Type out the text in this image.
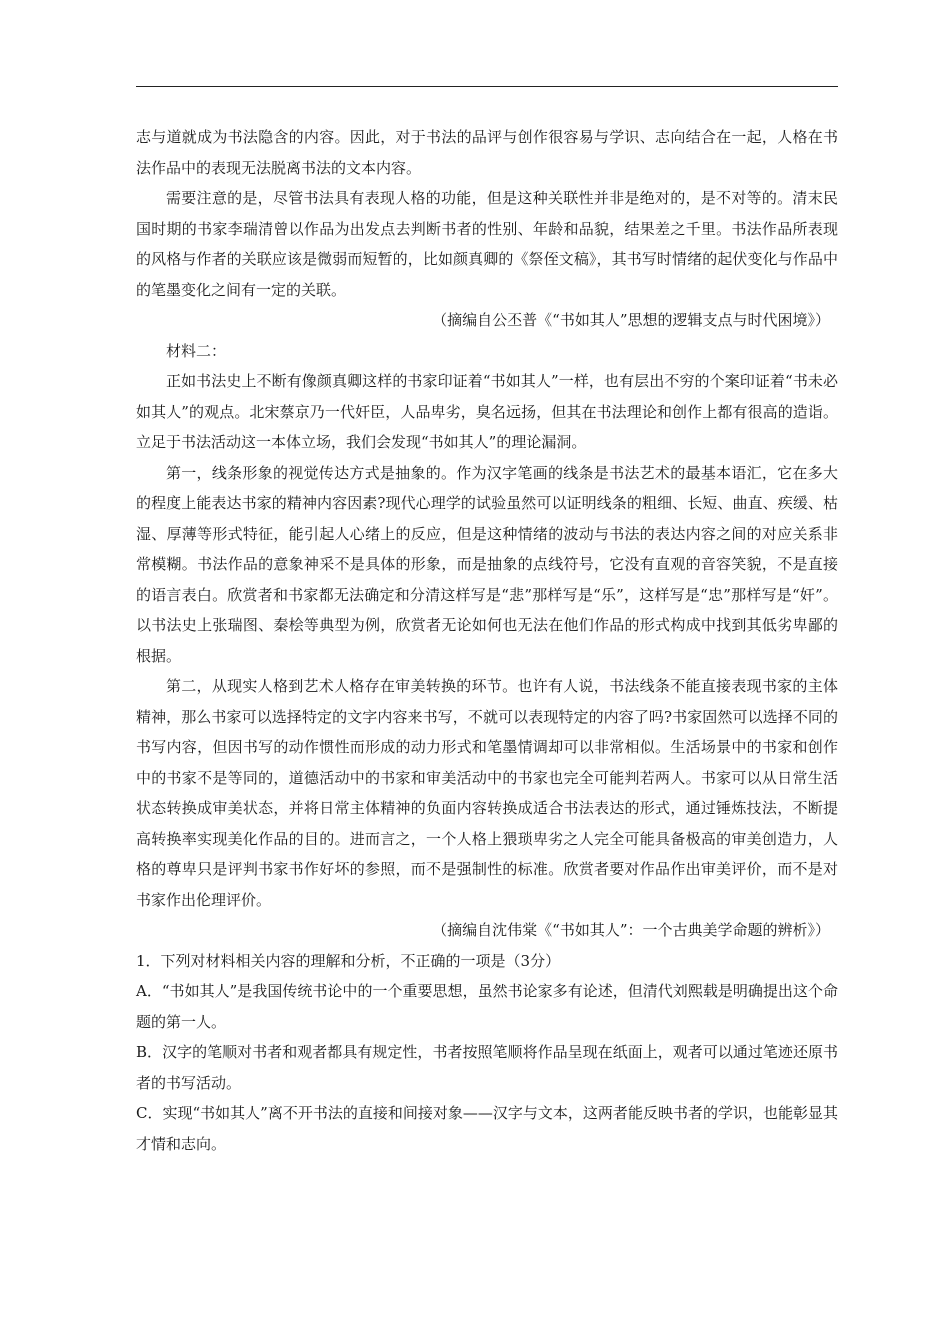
志与道就成为书法隐含的内容。因此，对于书法的品评与创作很容易与学识、志向结合在一起，人格在书法作品中的表现无法脱离书法的文本内容。

需要注意的是，尽管书法具有表现人格的功能，但是这种关联性并非是绝对的，是不对等的。清末民国时期的书家李瑞清曾以作品为出发点去判断书者的性别、年龄和品貌，结果差之千里。书法作品所表现的风格与作者的关联应该是微弱而短暂的，比如颜真卿的《祭侄文稿》，其书写时情绪的起伏变化与作品中的笔墨变化之间有一定的关联。

（摘编自公丕普《“书如其人”思想的逻辑支点与时代困境》）

材料二：

正如书法史上不断有像颜真卿这样的书家印证着“书如其人”一样，也有层出不穷的个案印证着“书未必如其人”的观点。北宋蔡京乃一代奸臣，人品卑劣，臭名远扬，但其在书法理论和创作上都有很高的造诣。立足于书法活动这一本体立场，我们会发现“书如其人”的理论漏洞。

第一，线条形象的视觉传达方式是抽象的。作为汉字笔画的线条是书法艺术的最基本语汇，它在多大的程度上能表达书家的精神内容因素?现代心理学的试验虽然可以证明线条的粗细、长短、曲直、疾缓、枯湿、厚薄等形式特征，能引起人心绪上的反应，但是这种情绪的波动与书法的表达内容之间的对应关系非常模糊。书法作品的意象神采不是具体的形象，而是抽象的点线符号，它没有直观的音容笑貌，不是直接的语言表白。欣赏者和书家都无法确定和分清这样写是“悲”那样写是“乐”，这样写是“忠”那样写是“奸”。以书法史上张瑞图、秦桧等典型为例，欣赏者无论如何也无法在他们作品的形式构成中找到其低劣卑鄙的根据。

第二，从现实人格到艺术人格存在审美转换的环节。也许有人说，书法线条不能直接表现书家的主体精神，那么书家可以选择特定的文字内容来书写，不就可以表现特定的内容了吗?书家固然可以选择不同的书写内容，但因书写的动作惯性而形成的动力形式和笔墨情调却可以非常相似。生活场景中的书家和创作中的书家不是等同的，道德活动中的书家和审美活动中的书家也完全可能判若两人。书家可以从日常生活状态转换成审美状态，并将日常主体精神的负面内容转换成适合书法表达的形式，通过锤炼技法，不断提高转换率实现美化作品的目的。进而言之，一个人格上猥琐卑劣之人完全可能具备极高的审美创造力，人格的尊卑只是评判书家书作好坏的参照，而不是强制性的标准。欣赏者要对作品作出审美评价，而不是对书家作出伦理评价。

（摘编自沈伟棠《“书如其人”：一个古典美学命题的辨析》）

1．下列对材料相关内容的理解和分析，不正确的一项是（3分）

A．“书如其人”是我国传统书论中的一个重要思想，虽然书论家多有论述，但清代刘熙载是明确提出这个命题的第一人。

B．汉字的笔顺对书者和观者都具有规定性，书者按照笔顺将作品呈现在纸面上，观者可以通过笔迹还原书者的书写活动。

C．实现“书如其人”离不开书法的直接和间接对象——汉字与文本，这两者能反映书者的学识，也能彰显其才情和志向。
